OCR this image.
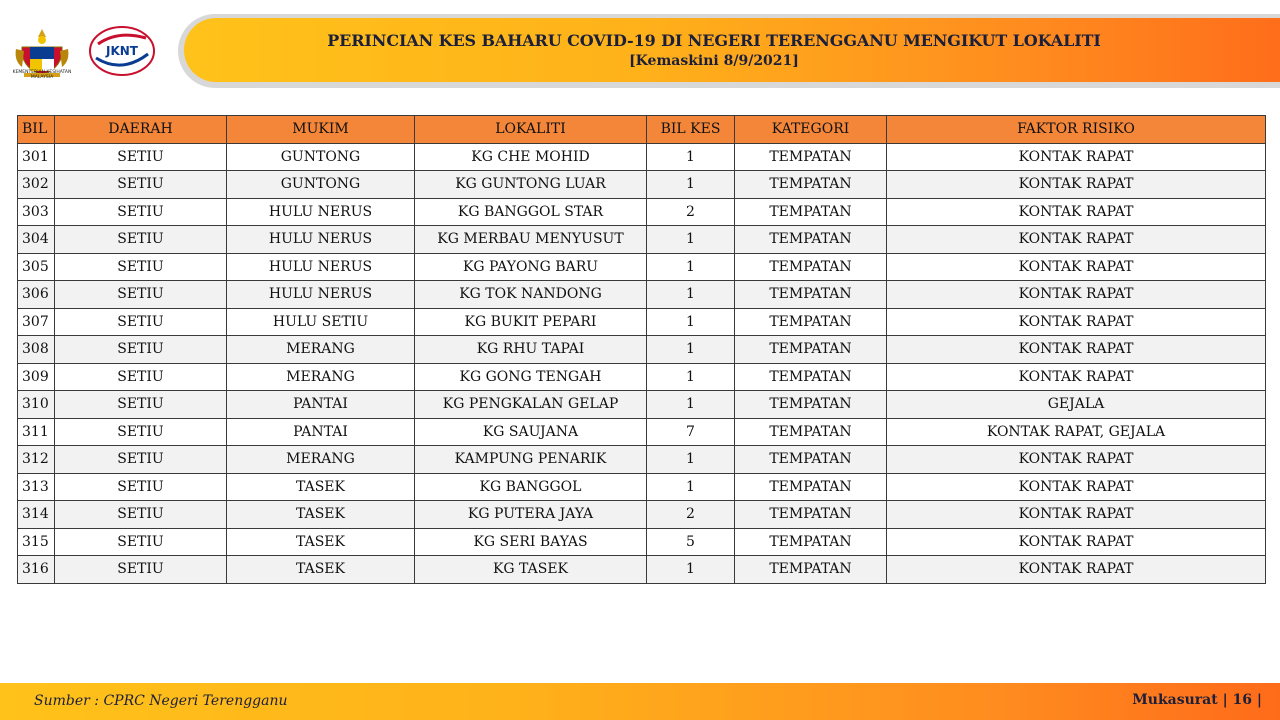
KEMENTERIAN KESIHATAN MALAYSIA
JKNT
PERINCIAN KES BAHARU COVID-19 DI NEGERI TERENGGANU MENGIKUT LOKALITI
[Kemaskini 8/9/2021]
BIL	DAERAH	MUKIM	LOKALITI	BIL KES	KATEGORI	FAKTOR RISIKO
301	SETIU	GUNTONG	KG CHE MOHID	1	TEMPATAN	KONTAK RAPAT
302	SETIU	GUNTONG	KG GUNTONG LUAR	1	TEMPATAN	KONTAK RAPAT
303	SETIU	HULU NERUS	KG BANGGOL STAR	2	TEMPATAN	KONTAK RAPAT
304	SETIU	HULU NERUS	KG MERBAU MENYUSUT	1	TEMPATAN	KONTAK RAPAT
305	SETIU	HULU NERUS	KG PAYONG BARU	1	TEMPATAN	KONTAK RAPAT
306	SETIU	HULU NERUS	KG TOK NANDONG	1	TEMPATAN	KONTAK RAPAT
307	SETIU	HULU SETIU	KG BUKIT PEPARI	1	TEMPATAN	KONTAK RAPAT
308	SETIU	MERANG	KG RHU TAPAI	1	TEMPATAN	KONTAK RAPAT
309	SETIU	MERANG	KG GONG TENGAH	1	TEMPATAN	KONTAK RAPAT
310	SETIU	PANTAI	KG PENGKALAN GELAP	1	TEMPATAN	GEJALA
311	SETIU	PANTAI	KG SAUJANA	7	TEMPATAN	KONTAK RAPAT, GEJALA
312	SETIU	MERANG	KAMPUNG PENARIK	1	TEMPATAN	KONTAK RAPAT
313	SETIU	TASEK	KG BANGGOL	1	TEMPATAN	KONTAK RAPAT
314	SETIU	TASEK	KG PUTERA JAYA	2	TEMPATAN	KONTAK RAPAT
315	SETIU	TASEK	KG SERI BAYAS	5	TEMPATAN	KONTAK RAPAT
316	SETIU	TASEK	KG TASEK	1	TEMPATAN	KONTAK RAPAT
Sumber : CPRC Negeri Terengganu	Mukasurat | 16 |
